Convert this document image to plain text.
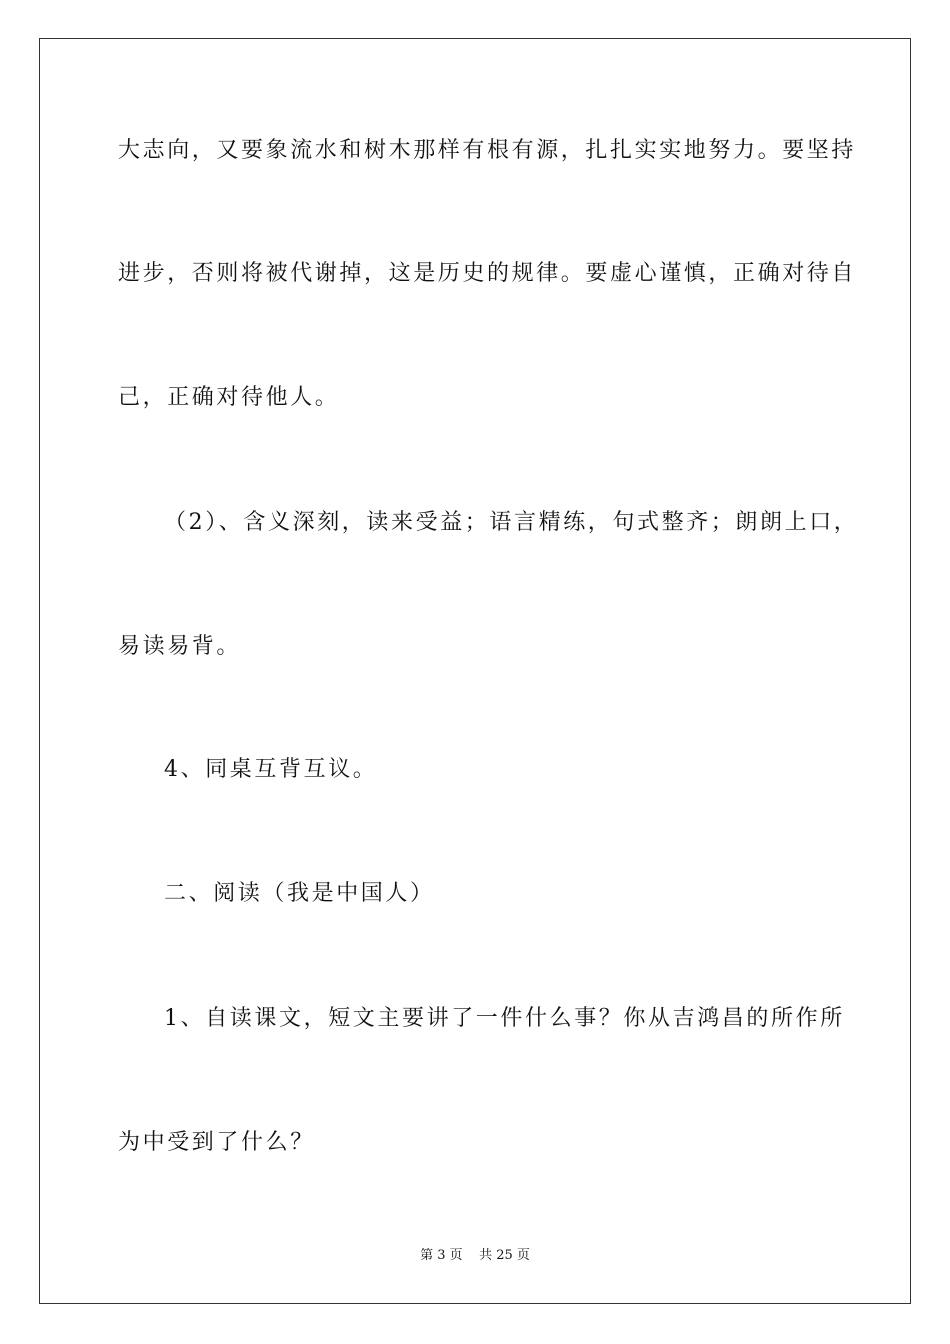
大志向，又要象流水和树木那样有根有源，扎扎实实地努力。要坚持
进步，否则将被代谢掉，这是历史的规律。要虚心谨慎，正确对待自
己，正确对待他人。
（2）、含义深刻，读来受益；语言精练，句式整齐；朗朗上口，
易读易背。
4、同桌互背互议。
二、阅读（我是中国人）
1、自读课文，短文主要讲了一件什么事？你从吉鸿昌的所作所
为中受到了什么？
第 3 页    共 25 页
